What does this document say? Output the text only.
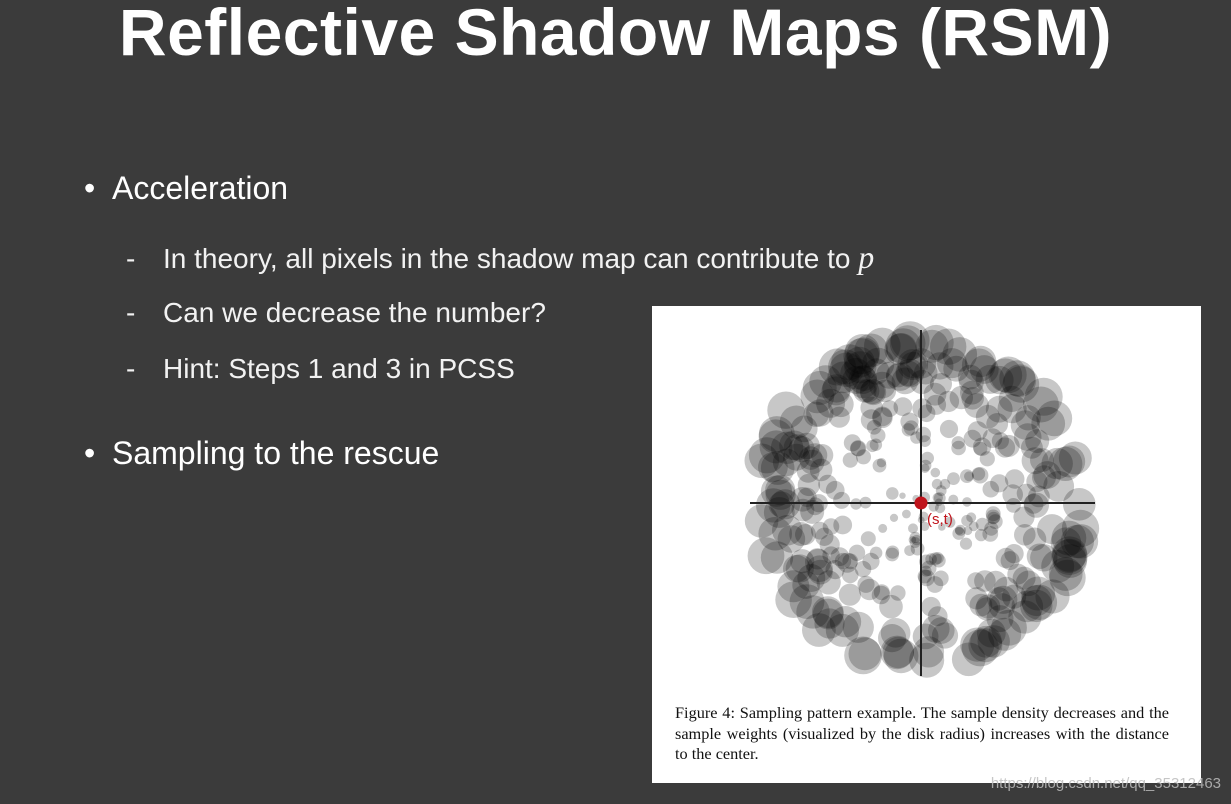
Reflective Shadow Maps (RSM)
• Acceleration
- In theory, all pixels in the shadow map can contribute to p
- Can we decrease the number?
- Hint: Steps 1 and 3 in PCSS
• Sampling to the rescue
(s,t)
Figure 4: Sampling pattern example. The sample density decreases and the sample weights (visualized by the disk radius) increases with the distance to the center.
https://blog.csdn.net/qq_35312463
